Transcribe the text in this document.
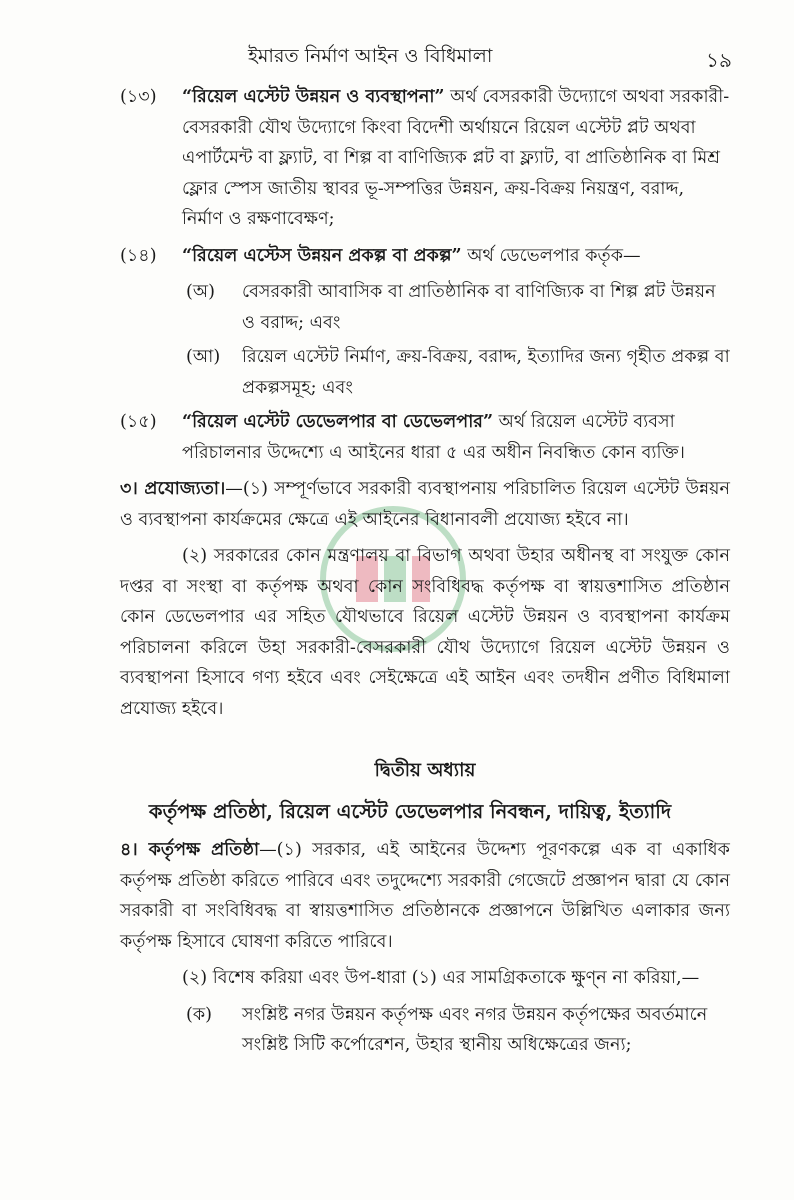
ইমারত নির্মাণ আইন ও বিধিমালা	১৯

(১৩) “রিয়েল এস্টেট উন্নয়ন ও ব্যবস্থাপনা” অর্থ বেসরকারী উদ্যোগে অথবা সরকারী-বেসরকারী যৌথ উদ্যোগে কিংবা বিদেশী অর্থায়নে রিয়েল এস্টেট প্লট অথবা এপার্টমেন্ট বা ফ্ল্যাট, বা শিল্প বা বাণিজ্যিক প্লট বা ফ্ল্যাট, বা প্রাতিষ্ঠানিক বা মিশ্র ফ্লোর স্পেস জাতীয় স্থাবর ভূ-সম্পত্তির উন্নয়ন, ক্রয়-বিক্রয় নিয়ন্ত্রণ, বরাদ্দ, নির্মাণ ও রক্ষণাবেক্ষণ;

(১৪) “রিয়েল এস্টেস উন্নয়ন প্রকল্প বা প্রকল্প” অর্থ ডেভেলপার কর্তৃক—

(অ) বেসরকারী আবাসিক বা প্রাতিষ্ঠানিক বা বাণিজ্যিক বা শিল্প প্লট উন্নয়ন ও বরাদ্দ; এবং

(আ) রিয়েল এস্টেট নির্মাণ, ক্রয়-বিক্রয়, বরাদ্দ, ইত্যাদির জন্য গৃহীত প্রকল্প বা প্রকল্পসমূহ; এবং

(১৫) “রিয়েল এস্টেট ডেভেলপার বা ডেভেলপার” অর্থ রিয়েল এস্টেট ব্যবসা পরিচালনার উদ্দেশ্যে এ আইনের ধারা ৫ এর অধীন নিবন্ধিত কোন ব্যক্তি।

৩। প্রযোজ্যতা।—(১) সম্পূর্ণভাবে সরকারী ব্যবস্থাপনায় পরিচালিত রিয়েল এস্টেট উন্নয়ন ও ব্যবস্থাপনা কার্যক্রমের ক্ষেত্রে এই আইনের বিধানাবলী প্রযোজ্য হইবে না।

(২) সরকারের কোন মন্ত্রণালয় বা বিভাগ অথবা উহার অধীনস্থ বা সংযুক্ত কোন দপ্তর বা সংস্থা বা কর্তৃপক্ষ অথবা কোন সংবিধিবদ্ধ কর্তৃপক্ষ বা স্বায়ত্তশাসিত প্রতিষ্ঠান কোন ডেভেলপার এর সহিত যৌথভাবে রিয়েল এস্টেট উন্নয়ন ও ব্যবস্থাপনা কার্যক্রম পরিচালনা করিলে উহা সরকারী-বেসরকারী যৌথ উদ্যোগে রিয়েল এস্টেট উন্নয়ন ও ব্যবস্থাপনা হিসাবে গণ্য হইবে এবং সেইক্ষেত্রে এই আইন এবং তদধীন প্রণীত বিধিমালা প্রযোজ্য হইবে।

দ্বিতীয় অধ্যায়
কর্তৃপক্ষ প্রতিষ্ঠা, রিয়েল এস্টেট ডেভেলপার নিবন্ধন, দায়িত্ব, ইত্যাদি

৪। কর্তৃপক্ষ প্রতিষ্ঠা—(১) সরকার, এই আইনের উদ্দেশ্য পূরণকল্পে এক বা একাধিক কর্তৃপক্ষ প্রতিষ্ঠা করিতে পারিবে এবং তদুদ্দেশ্যে সরকারী গেজেটে প্রজ্ঞাপন দ্বারা যে কোন সরকারী বা সংবিধিবদ্ধ বা স্বায়ত্তশাসিত প্রতিষ্ঠানকে প্রজ্ঞাপনে উল্লিখিত এলাকার জন্য কর্তৃপক্ষ হিসাবে ঘোষণা করিতে পারিবে।

(২) বিশেষ করিয়া এবং উপ-ধারা (১) এর সামগ্রিকতাকে ক্ষুণ্ন না করিয়া,—

(ক) সংশ্লিষ্ট নগর উন্নয়ন কর্তৃপক্ষ এবং নগর উন্নয়ন কর্তৃপক্ষের অবর্তমানে সংশ্লিষ্ট সিটি কর্পোরেশন, উহার স্থানীয় অধিক্ষেত্রের জন্য;
